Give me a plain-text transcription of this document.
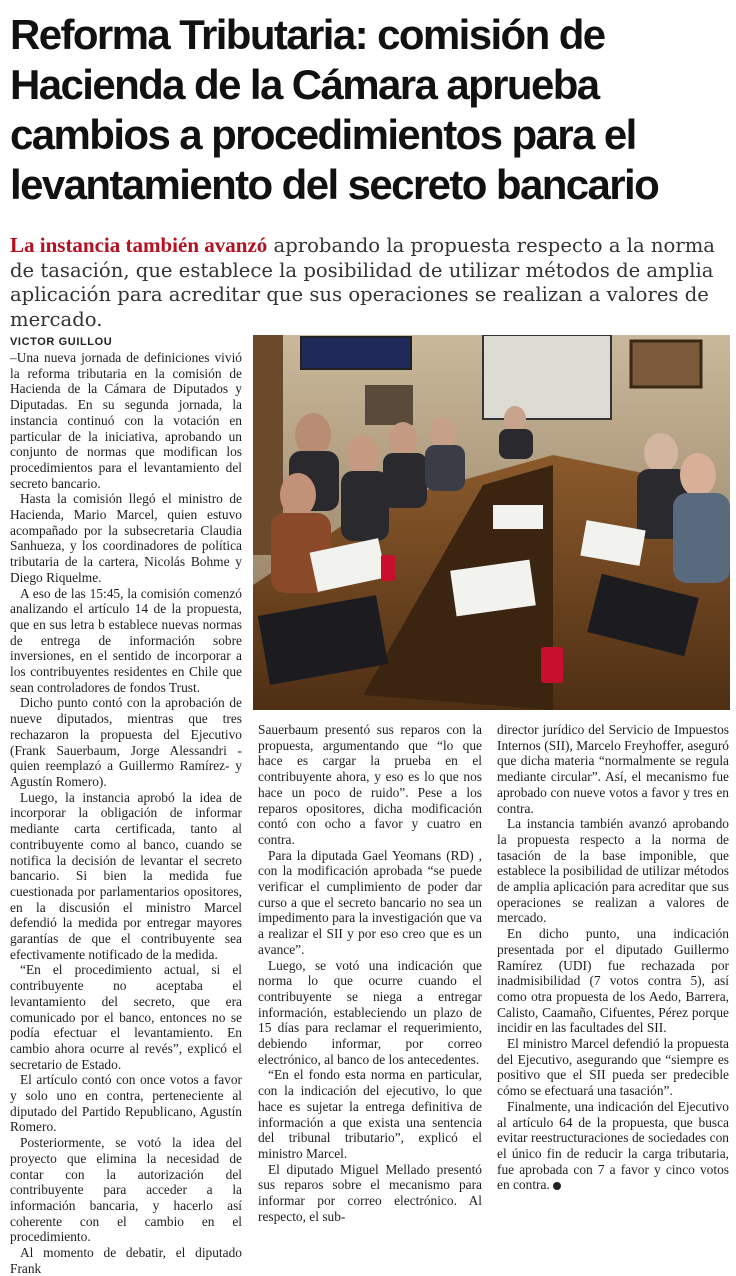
Reforma Tributaria: comisión de Hacienda de la Cámara aprueba cambios a procedimientos para el levantamiento del secreto bancario

La instancia también avanzó aprobando la propuesta respecto a la norma de tasación, que establece la posibilidad de utilizar métodos de amplia aplicación para acreditar que sus operaciones se realizan a valores de mercado.

VICTOR GUILLOU

–Una nueva jornada de definiciones vivió la reforma tributaria en la comisión de Hacienda de la Cámara de Diputados y Diputadas. En su segunda jornada, la instancia continuó con la votación en particular de la iniciativa, aprobando un conjunto de normas que modifican los procedimientos para el levantamiento del secreto bancario.

Hasta la comisión llegó el ministro de Hacienda, Mario Marcel, quien estuvo acompañado por la subsecretaria Claudia Sanhueza, y los coordinadores de política tributaria de la cartera, Nicolás Bohme y Diego Riquelme.

A eso de las 15:45, la comisión comenzó analizando el artículo 14 de la propuesta, que en sus letra b establece nuevas normas de entrega de información sobre inversiones, en el sentido de incorporar a los contribuyentes residentes en Chile que sean controladores de fondos Trust.

Dicho punto contó con la aprobación de nueve diputados, mientras que tres rechazaron la propuesta del Ejecutivo (Frank Sauerbaum, Jorge Alessandri -quien reemplazó a Guillermo Ramírez- y Agustín Romero).

Luego, la instancia aprobó la idea de incorporar la obligación de informar mediante carta certificada, tanto al contribuyente como al banco, cuando se notifica la decisión de levantar el secreto bancario. Si bien la medida fue cuestionada por parlamentarios opositores, en la discusión el ministro Marcel defendió la medida por entregar mayores garantías de que el contribuyente sea efectivamente notificado de la medida.

“En el procedimiento actual, si el contribuyente no aceptaba el levantamiento del secreto, que era comunicado por el banco, entonces no se podía efectuar el levantamiento. En cambio ahora ocurre al revés”, explicó el secretario de Estado.

El artículo contó con once votos a favor y solo uno en contra, perteneciente al diputado del Partido Republicano, Agustín Romero.

Posteriormente, se votó la idea del proyecto que elimina la necesidad de contar con la autorización del contribuyente para acceder a la información bancaria, y hacerlo así coherente con el cambio en el procedimiento.

Al momento de debatir, el diputado Frank

Sauerbaum presentó sus reparos con la propuesta, argumentando que “lo que hace es cargar la prueba en el contribuyente ahora, y eso es lo que nos hace un poco de ruido”. Pese a los reparos opositores, dicha modificación contó con ocho a favor y cuatro en contra.

Para la diputada Gael Yeomans (RD) , con la modificación aprobada “se puede verificar el cumplimiento de poder dar curso a que el secreto bancario no sea un impedimento para la investigación que va a realizar el SII y por eso creo que es un avance”.

Luego, se votó una indicación que norma lo que ocurre cuando el contribuyente se niega a entregar información, estableciendo un plazo de 15 días para reclamar el requerimiento, debiendo informar, por correo electrónico, al banco de los antecedentes.

“En el fondo esta norma en particular, con la indicación del ejecutivo, lo que hace es sujetar la entrega definitiva de información a que exista una sentencia del tribunal tributario”, explicó el ministro Marcel.

El diputado Miguel Mellado presentó sus reparos sobre el mecanismo para informar por correo electrónico. Al respecto, el sub-

director jurídico del Servicio de Impuestos Internos (SII), Marcelo Freyhoffer, aseguró que dicha materia “normalmente se regula mediante circular”. Así, el mecanismo fue aprobado con nueve votos a favor y tres en contra.

La instancia también avanzó aprobando la propuesta respecto a la norma de tasación de la base imponible, que establece la posibilidad de utilizar métodos de amplia aplicación para acreditar que sus operaciones se realizan a valores de mercado.

En dicho punto, una indicación presentada por el diputado Guillermo Ramírez (UDI) fue rechazada por inadmisibilidad (7 votos contra 5), así como otra propuesta de los Aedo, Barrera, Calisto, Caamaño, Cifuentes, Pérez porque incidir en las facultades del SII.

El ministro Marcel defendió la propuesta del Ejecutivo, asegurando que “siempre es positivo que el SII pueda ser predecible cómo se efectuará una tasación”.

Finalmente, una indicación del Ejecutivo al artículo 64 de la propuesta, que busca evitar reestructuraciones de sociedades con el único fin de reducir la carga tributaria, fue aprobada con 7 a favor y cinco votos en contra. P
